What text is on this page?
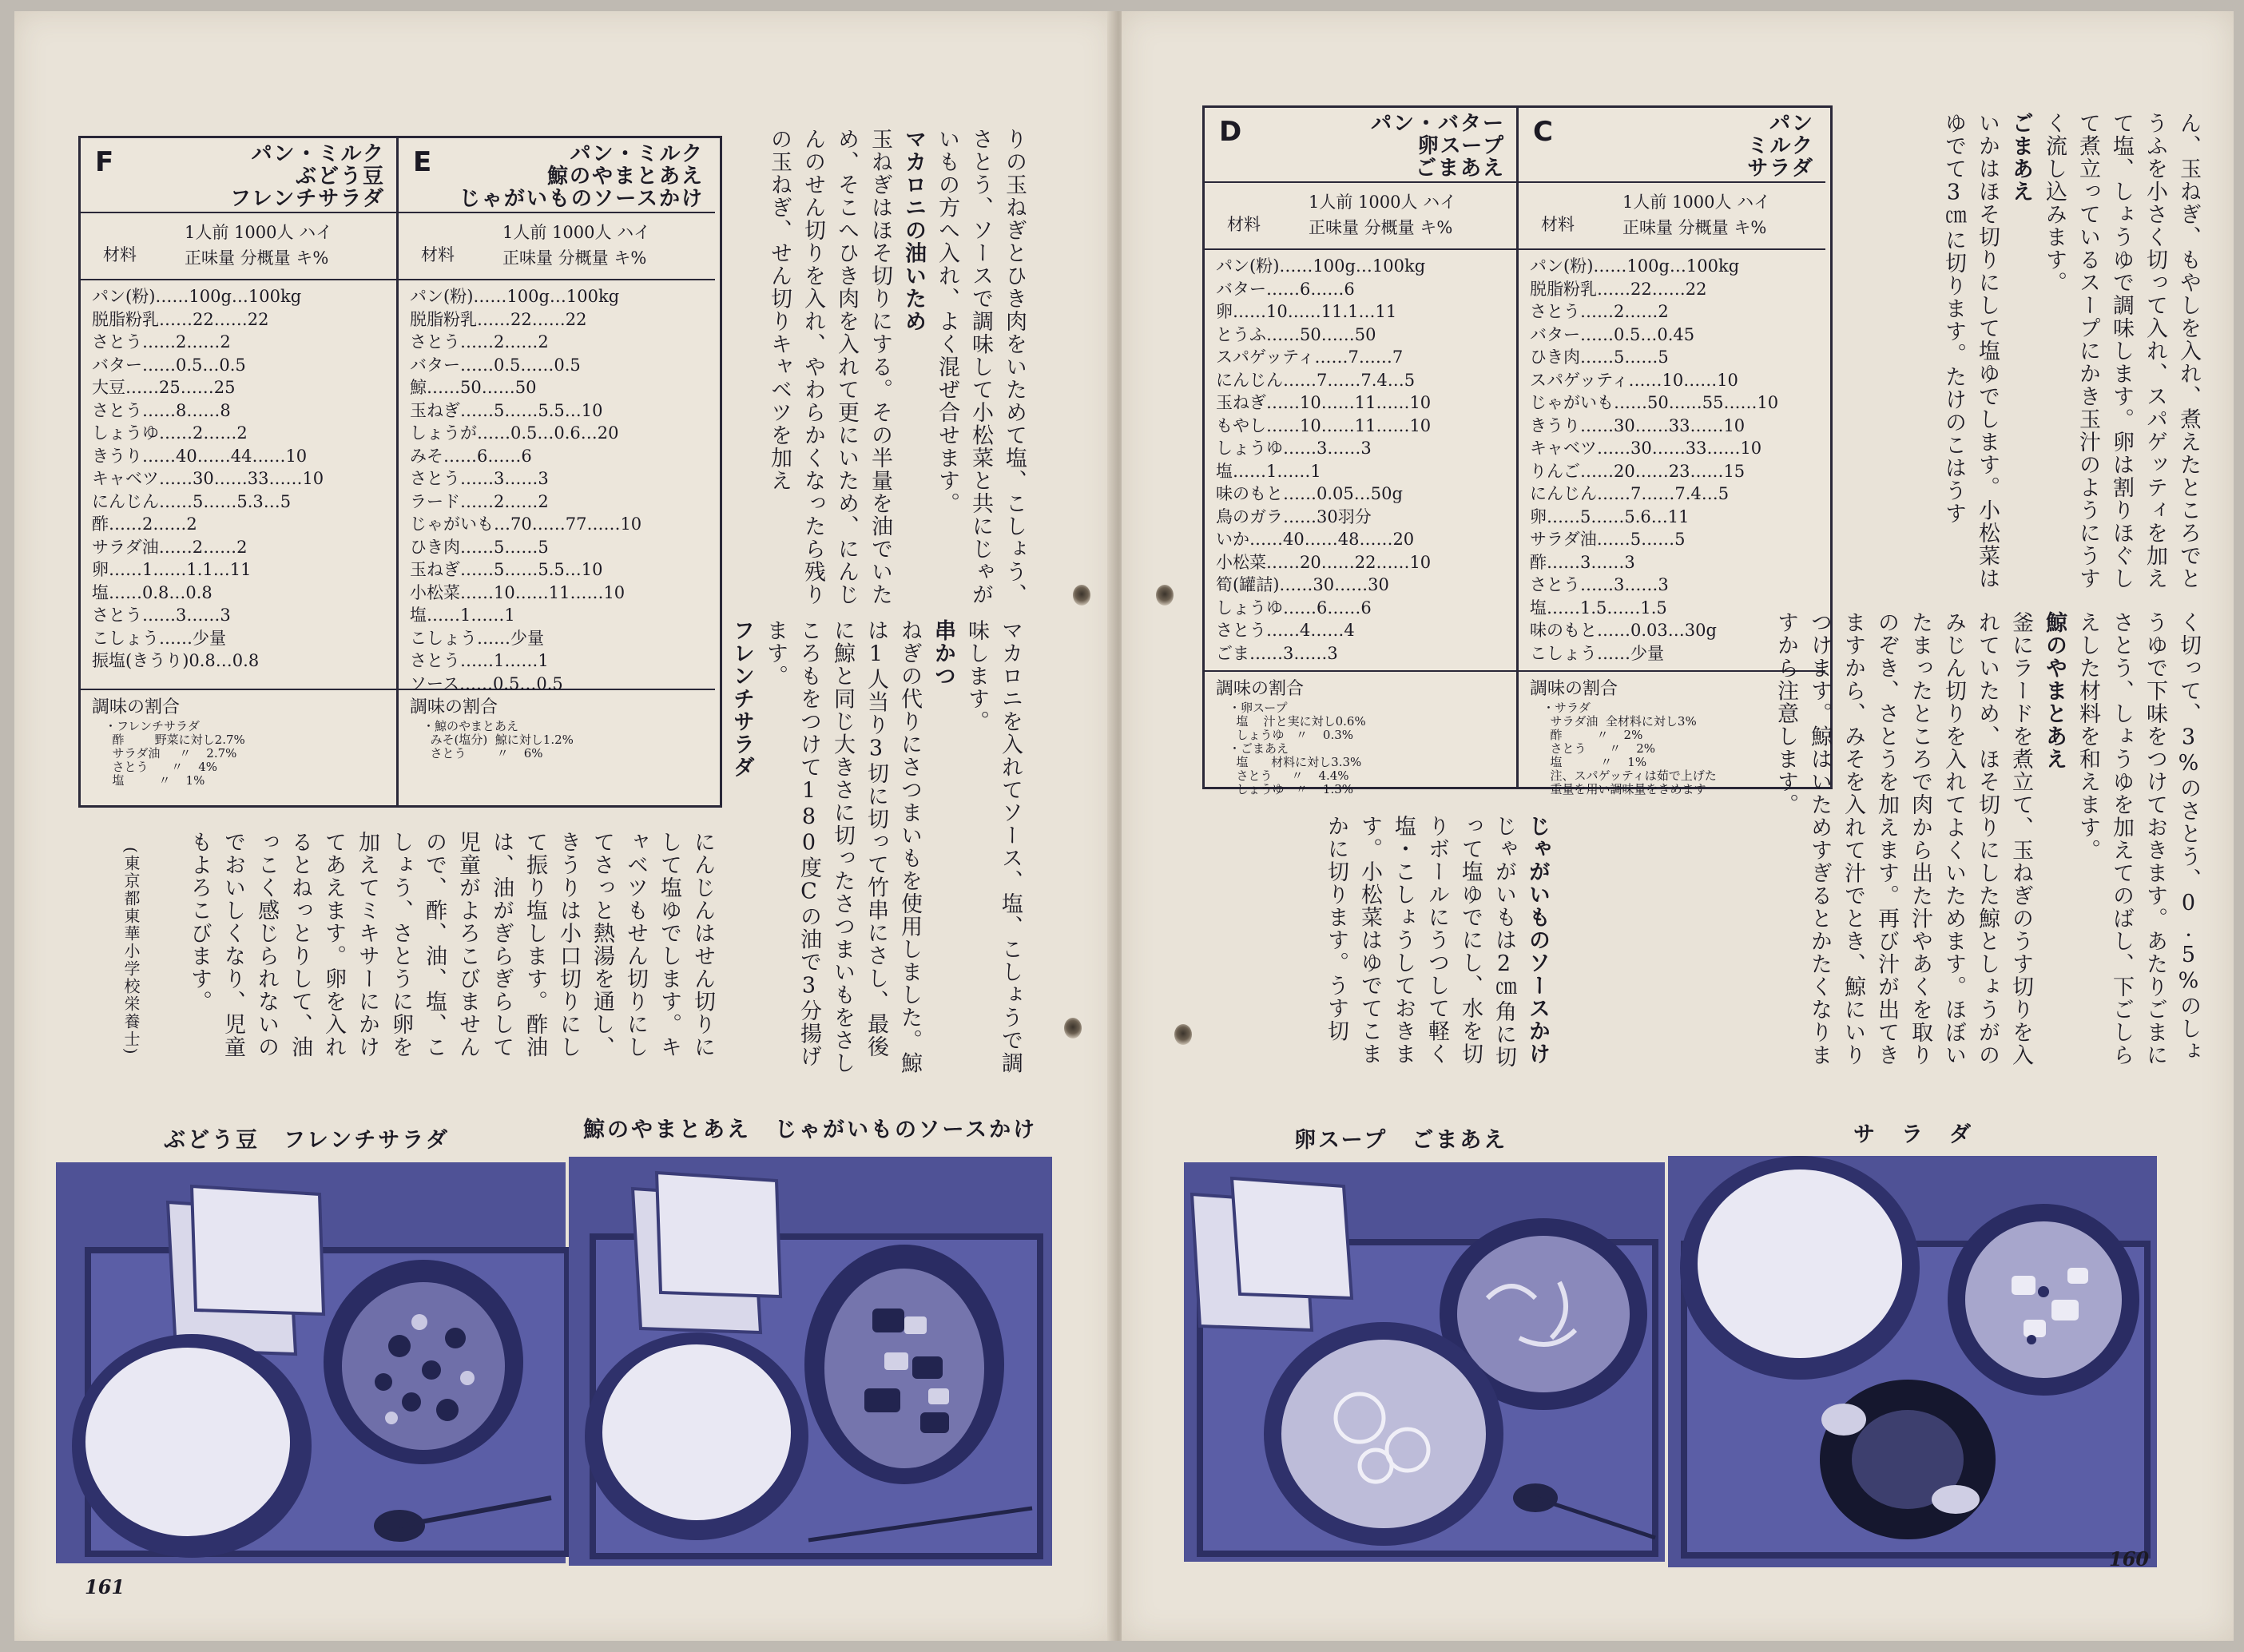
F	パン・ミルク
ぶどう豆
フレンチサラダ
材料
1人前 1000人 ハイ
正味量 分概量 キ%
パン(粉)……100g…100kg
脱脂粉乳……22……22
さとう……2……2
バター……0.5…0.5
大豆……25……25
さとう……8……8
しょうゆ……2……2
きうり……40……44……10
キャベツ……30……33……10
にんじん……5……5.3…5
酢……2……2
サラダ油……2……2
卵……1……1.1…11
塩……0.8…0.8
さとう……3……3
こしょう……少量
振塩(きうり)0.8…0.8
調味の割合
・フレンチサラダ
酢        野菜に対し2.7%
サラダ油     〃    2.7%
さとう      〃    4%
塩         〃    1%
E	パン・ミルク
鯨のやまとあえ
じゃがいものソースかけ
材料
1人前 1000人 ハイ
正味量 分概量 キ%
パン(粉)……100g…100kg
脱脂粉乳……22……22
さとう……2……2
バター……0.5……0.5
鯨……50……50
玉ねぎ……5……5.5…10
しょうが……0.5…0.6…20
みそ……6……6
さとう……3……3
ラード……2……2
じゃがいも…70……77……10
ひき肉……5……5
玉ねぎ……5……5.5…10
小松菜……10……11……10
塩……1……1
こしょう……少量
さとう……1……1
ソース……0.5…0.5
調味の割合
・鯨のやまとあえ
みそ(塩分)  鯨に対し1.2%
さとう        〃    6%
りの玉ねぎとひき肉をいためて塩、こしょう、さとう、ソースで調味して小松菜と共にじゃがいもの方へ入れ、よく混ぜ合せます。
マカロニの油いため
玉ねぎはほそ切りにする。その半量を油でいため、そこへひき肉を入れて更にいため、にんじんのせん切りを入れ、やわらかくなったら残りの玉ねぎ、せん切りキャベツを加え
マカロニを入れてソース、塩、こしょうで調味します。
串かつ
ねぎの代りにさつまいもを使用しました。鯨は1人当り3切に切って竹串にさし、最後に鯨と同じ大きさに切ったさつまいもをさしころもをつけて180度Cの油で3分揚げます。
フレンチサラダ
にんじんはせん切りにして塩ゆでします。キャベツもせん切りにしてさっと熱湯を通し、きうりは小口切りにして振り塩します。酢油は、油がぎらぎらして児童がよろこびませんので、酢、油、塩、こしょう、さとうに卵を加えてミキサーにかけてあえます。卵を入れるとねっとりして、油っこく感じられないのでおいしくなり、児童もよろこびます。
(東京都東華小学校栄養士)
ぶどう豆　フレンチサラダ	鯨のやまとあえ　じゃがいものソースかけ
161
D	パン・バター
卵スープ
ごまあえ
材料
1人前 1000人 ハイ
正味量 分概量 キ%
パン(粉)……100g…100kg
バター……6……6
卵……10……11.1…11
とうふ……50……50
スパゲッティ……7……7
にんじん……7……7.4…5
玉ねぎ……10……11……10
もやし……10……11……10
しょうゆ……3……3
塩……1……1
味のもと……0.05…50g
鳥のガラ……30羽分
いか……40……48……20
小松菜……20……22……10
筍(罐詰)……30……30
しょうゆ……6……6
さとう……4……4
ごま……3……3
調味の割合
・卵スープ
塩    汁と実に対し0.6%
しょうゆ   〃    0.3%
・ごまあえ
塩      材料に対し3.3%
さとう     〃    4.4%
しょうゆ   〃    1.3%
C	パン
ミルク
サラダ
材料
1人前 1000人 ハイ
正味量 分概量 キ%
パン(粉)……100g…100kg
脱脂粉乳……22……22
さとう……2……2
バター……0.5…0.45
ひき肉……5……5
スパゲッティ……10……10
じゃがいも……50……55……10
きうり……30……33……10
キャベツ……30……33……10
りんご……20……23……15
にんじん……7……7.4…5
卵……5……5.6…11
サラダ油……5……5
酢……3……3
さとう……3……3
塩……1.5……1.5
味のもと……0.03…30g
こしょう……少量
調味の割合
・サラダ
サラダ油  全材料に対し3%
酢         〃    2%
さとう      〃    2%
塩          〃    1%
注、スパゲッティは茹で上げた
重量を用い調味量をきめます
ん、玉ねぎ、もやしを入れ、煮えたところでとうふを小さく切って入れ、スパゲッティを加えて塩、しょうゆで調味します。卵は割りほぐして煮立っているスープにかき玉汁のようにうすく流し込みます。
ごまあえ
いかはほそ切りにして塩ゆでします。小松菜はゆでて3㎝に切ります。たけのこはうす
く切って、3%のさとう、0.5%のしょうゆで下味をつけておきます。あたりごまにさとう、しょうゆを加えてのばし、下ごしらえした材料を和えます。
鯨のやまとあえ
釜にラードを煮立て、玉ねぎのうす切りを入れていため、ほそ切りにした鯨としょうがのみじん切りを入れてよくいためます。ほぼいたまったところで肉から出た汁やあくを取りのぞき、さとうを加えます。再び汁が出てきますから、みそを入れて汁でとき、鯨にいりつけます。鯨はいためすぎるとかたくなりますから注意します。
じゃがいものソースかけ
じゃがいもは2㎝角に切って塩ゆでにし、水を切りボールにうつして軽く塩・こしょうしておきます。小松菜はゆでてこまかに切ります。うす切
卵スープ　ごまあえ	サ　ラ　ダ
160
